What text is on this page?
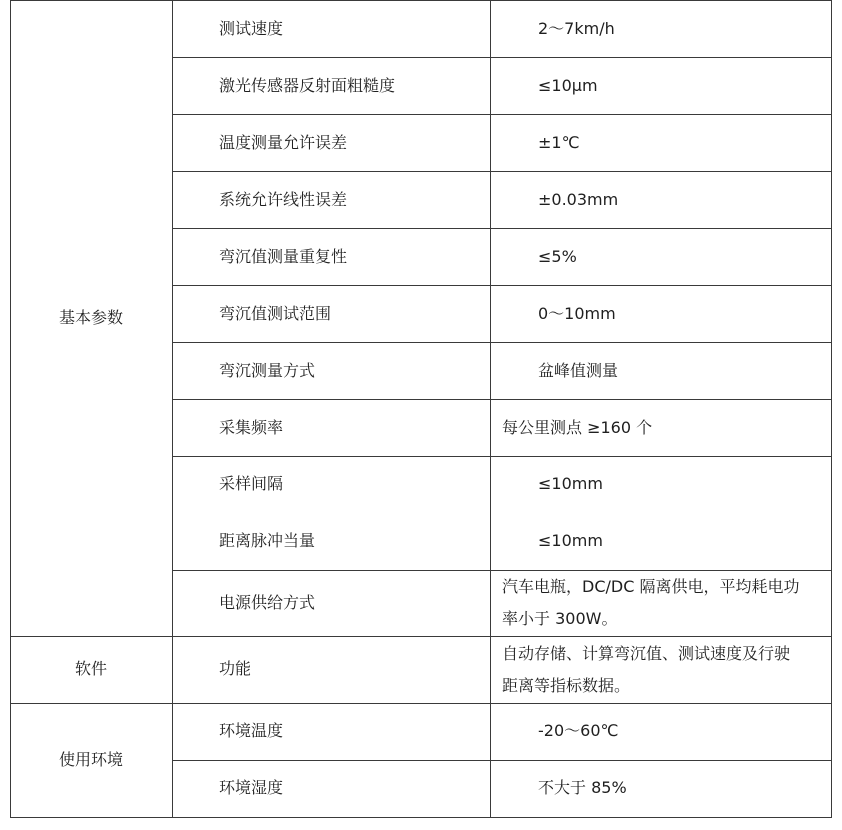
基本参数
软件
使用环境
测试速度
激光传感器反射面粗糙度
温度测量允许误差
系统允许线性误差
弯沉值测量重复性
弯沉值测试范围
弯沉测量方式
采集频率
采样间隔
距离脉冲当量
电源供给方式
功能
环境温度
环境湿度
2～7km/h
≤10μm
±1℃
±0.03mm
≤5%
0～10mm
盆峰值测量
每公里测点 ≥160 个
≤10mm
≤10mm
汽车电瓶，DC/DC 隔离供电，平均耗电功
率小于 300W。
自动存储、计算弯沉值、测试速度及行驶
距离等指标数据。
-20～60℃
不大于 85%
